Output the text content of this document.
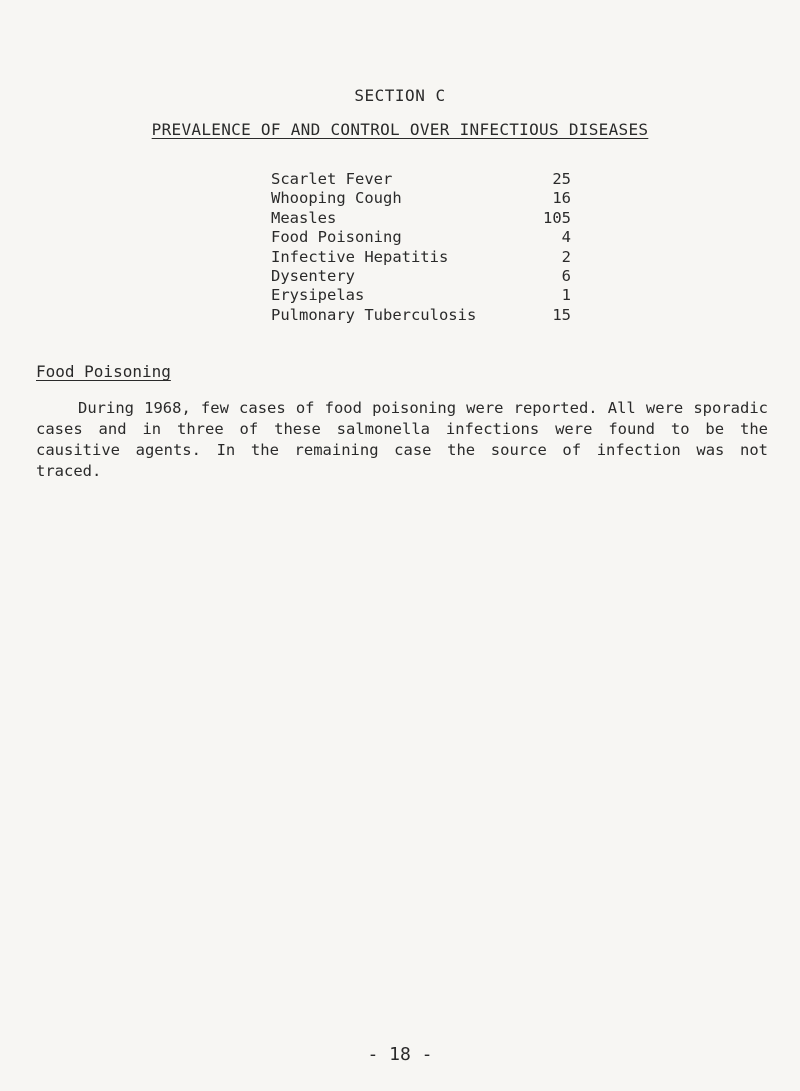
SECTION C
PREVALENCE OF AND CONTROL OVER INFECTIOUS DISEASES
Scarlet Fever	25
Whooping Cough	16
Measles	105
Food Poisoning	4
Infective Hepatitis	2
Dysentery	6
Erysipelas	1
Pulmonary Tuberculosis	15
Food Poisoning
During 1968, few cases of food poisoning were reported. All were sporadic cases and in three of these salmonella infections were found to be the causitive agents. In the remaining case the source of infection was not traced.
- 18 -
